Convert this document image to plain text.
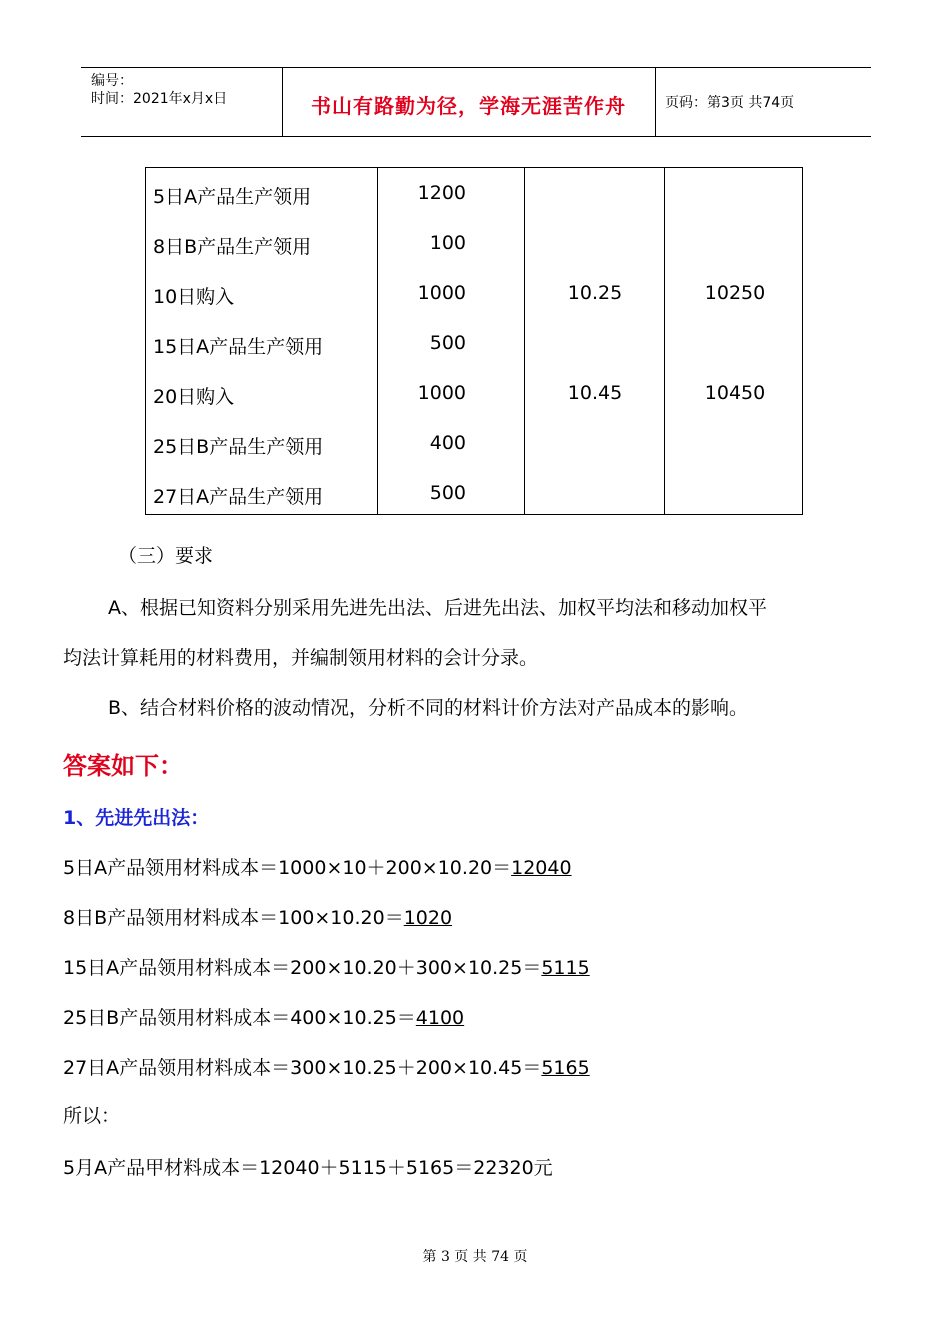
编号：
时间：2021年x月x日	书山有路勤为径，学海无涯苦作舟	页码：第3页 共74页
5日A产品生产领用	1200
8日B产品生产领用	100
10日购入	1000	10.25	10250
15日A产品生产领用	500
20日购入	1000	10.45	10450
25日B产品生产领用	400
27日A产品生产领用	500
（三）要求
A、根据已知资料分别采用先进先出法、后进先出法、加权平均法和移动加权平
均法计算耗用的材料费用，并编制领用材料的会计分录。
B、结合材料价格的波动情况，分析不同的材料计价方法对产品成本的影响。
答案如下：
1、先进先出法：
5日A产品领用材料成本＝1000×10＋200×10.20＝12040
8日B产品领用材料成本＝100×10.20＝1020
15日A产品领用材料成本＝200×10.20＋300×10.25＝5115
25日B产品领用材料成本＝400×10.25＝4100
27日A产品领用材料成本＝300×10.25＋200×10.45＝5165
所以：
5月A产品甲材料成本＝12040＋5115＋5165＝22320元
第 3 页 共 74 页
